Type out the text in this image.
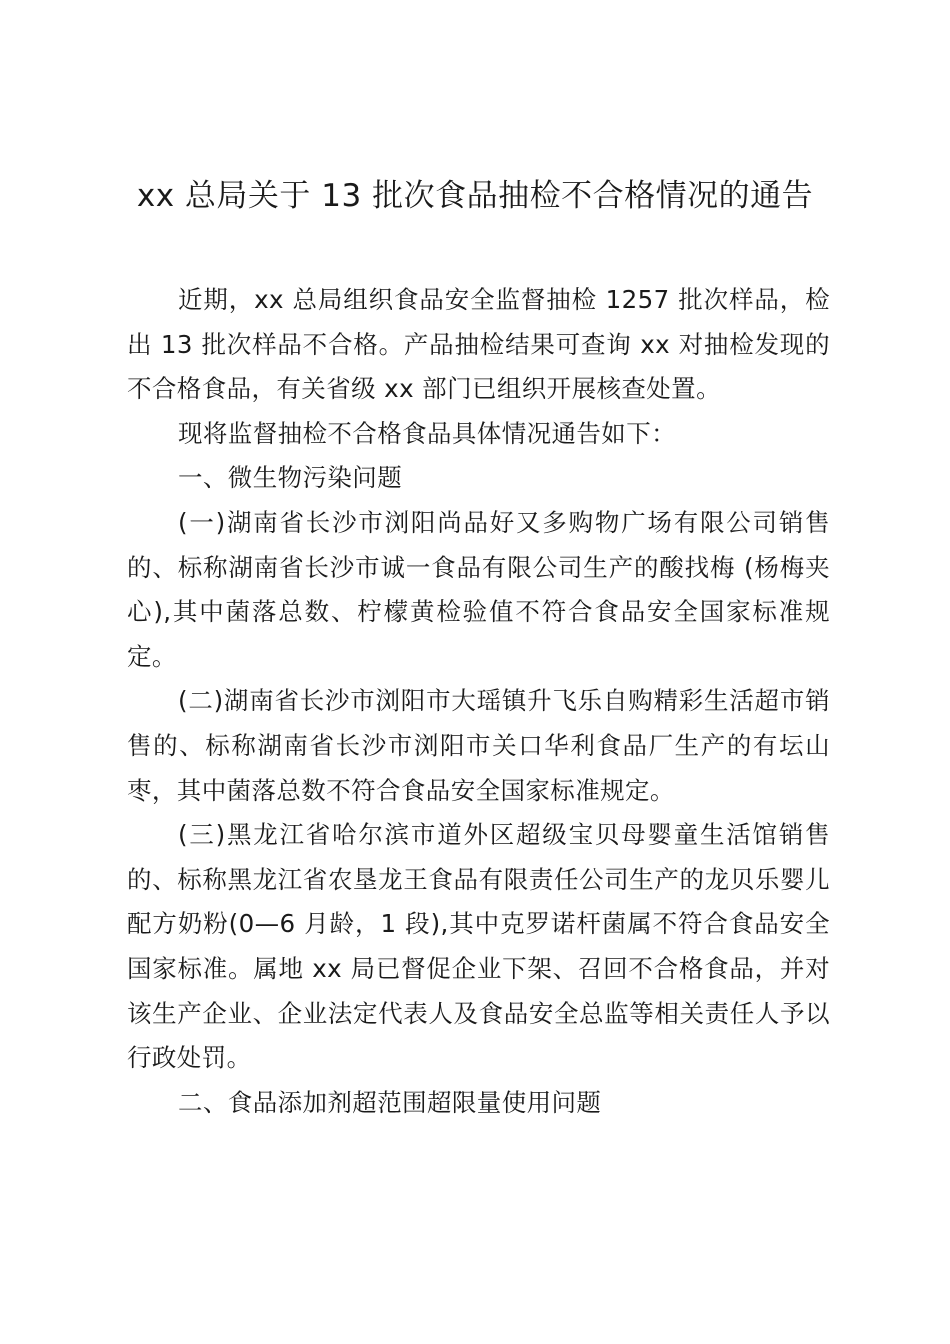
xx 总局关于 13 批次食品抽检不合格情况的通告

近期，xx 总局组织食品安全监督抽检 1257 批次样品，检出 13 批次样品不合格。产品抽检结果可查询 xx 对抽检发现的不合格食品，有关省级 xx 部门已组织开展核查处置。

现将监督抽检不合格食品具体情况通告如下：

一、微生物污染问题

(一)湖南省长沙市浏阳尚品好又多购物广场有限公司销售的、标称湖南省长沙市诚一食品有限公司生产的酸找梅 (杨梅夹心),其中菌落总数、柠檬黄检验值不符合食品安全国家标准规定。

(二)湖南省长沙市浏阳市大瑶镇升飞乐自购精彩生活超市销售的、标称湖南省长沙市浏阳市关口华利食品厂生产的有坛山枣，其中菌落总数不符合食品安全国家标准规定。

(三)黑龙江省哈尔滨市道外区超级宝贝母婴童生活馆销售的、标称黑龙江省农垦龙王食品有限责任公司生产的龙贝乐婴儿配方奶粉(0—6 月龄，1 段),其中克罗诺杆菌属不符合食品安全国家标准。属地 xx 局已督促企业下架、召回不合格食品，并对该生产企业、企业法定代表人及食品安全总监等相关责任人予以行政处罚。

二、食品添加剂超范围超限量使用问题
